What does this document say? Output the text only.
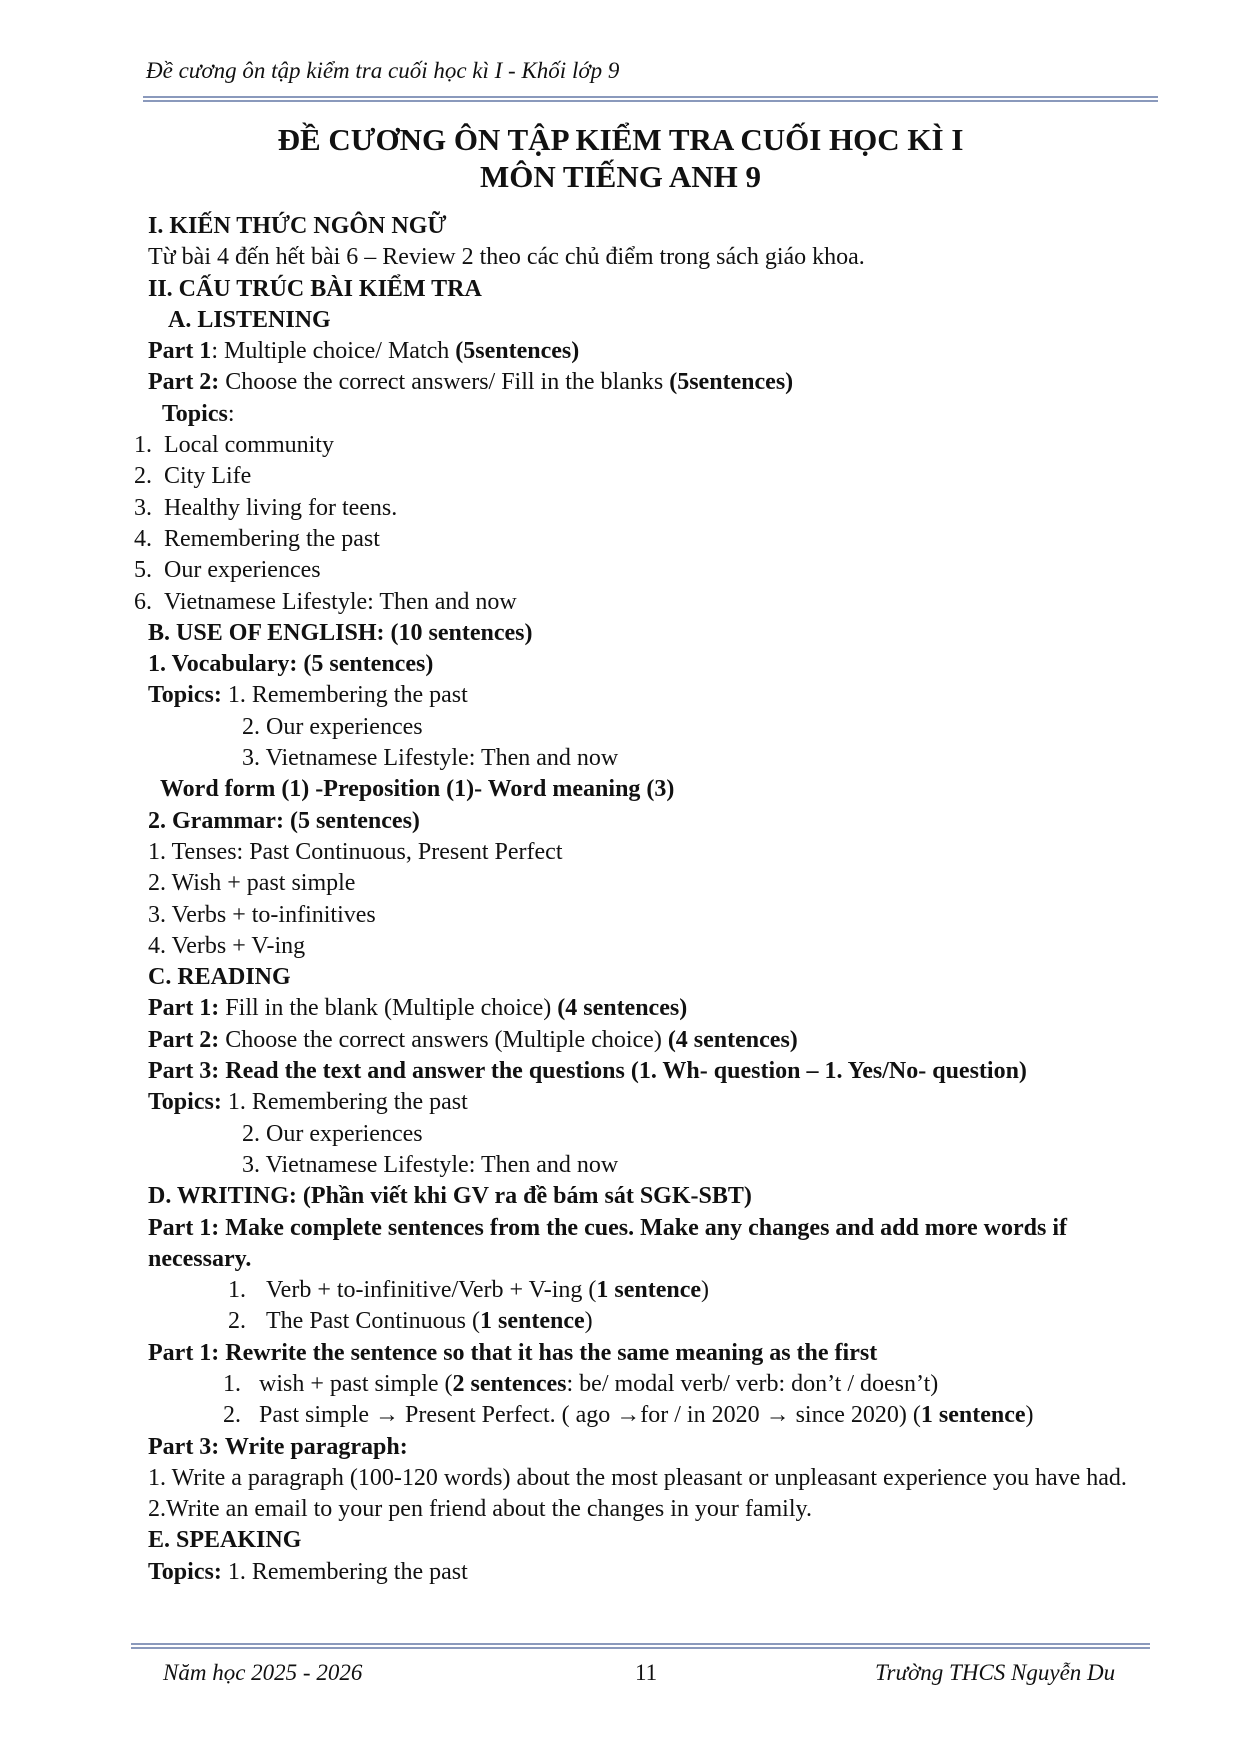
Đề cương ôn tập kiểm tra cuối học kì I - Khối lớp 9
ĐỀ CƯƠNG ÔN TẬP KIỂM TRA CUỐI HỌC KÌ I
MÔN TIẾNG ANH 9
I. KIẾN THỨC NGÔN NGỮ
Từ bài 4 đến hết bài 6 – Review 2 theo các chủ điểm trong sách giáo khoa.
II. CẤU TRÚC BÀI KIỂM TRA
A. LISTENING
Part 1: Multiple choice/ Match (5sentences)
Part 2: Choose the correct answers/ Fill in the blanks (5sentences)
Topics:
1. Local community
2. City Life
3. Healthy living for teens.
4. Remembering the past
5. Our experiences
6. Vietnamese Lifestyle: Then and now
B. USE OF ENGLISH: (10 sentences)
1. Vocabulary: (5 sentences)
Topics: 1. Remembering the past
2. Our experiences
3. Vietnamese Lifestyle: Then and now
Word form (1) -Preposition (1)- Word meaning (3)
2. Grammar: (5 sentences)
1. Tenses: Past Continuous, Present Perfect
2. Wish + past simple
3. Verbs + to-infinitives
4. Verbs + V-ing
C. READING
Part 1: Fill in the blank (Multiple choice) (4 sentences)
Part 2: Choose the correct answers (Multiple choice) (4 sentences)
Part 3: Read the text and answer the questions (1. Wh- question – 1. Yes/No- question)
Topics: 1. Remembering the past
2. Our experiences
3. Vietnamese Lifestyle: Then and now
D. WRITING: (Phần viết khi GV ra đề bám sát SGK-SBT)
Part 1: Make complete sentences from the cues. Make any changes and add more words if necessary.
1. Verb + to-infinitive/Verb + V-ing (1 sentence)
2. The Past Continuous (1 sentence)
Part 1: Rewrite the sentence so that it has the same meaning as the first
1. wish + past simple (2 sentences: be/ modal verb/ verb: don’t / doesn’t)
2. Past simple → Present Perfect. ( ago →for / in 2020 → since 2020) (1 sentence)
Part 3: Write paragraph:
1. Write a paragraph (100-120 words) about the most pleasant or unpleasant experience you have had.
2.Write an email to your pen friend about the changes in your family.
E. SPEAKING
Topics: 1. Remembering the past
Năm học 2025 - 2026	11	Trường THCS Nguyễn Du
